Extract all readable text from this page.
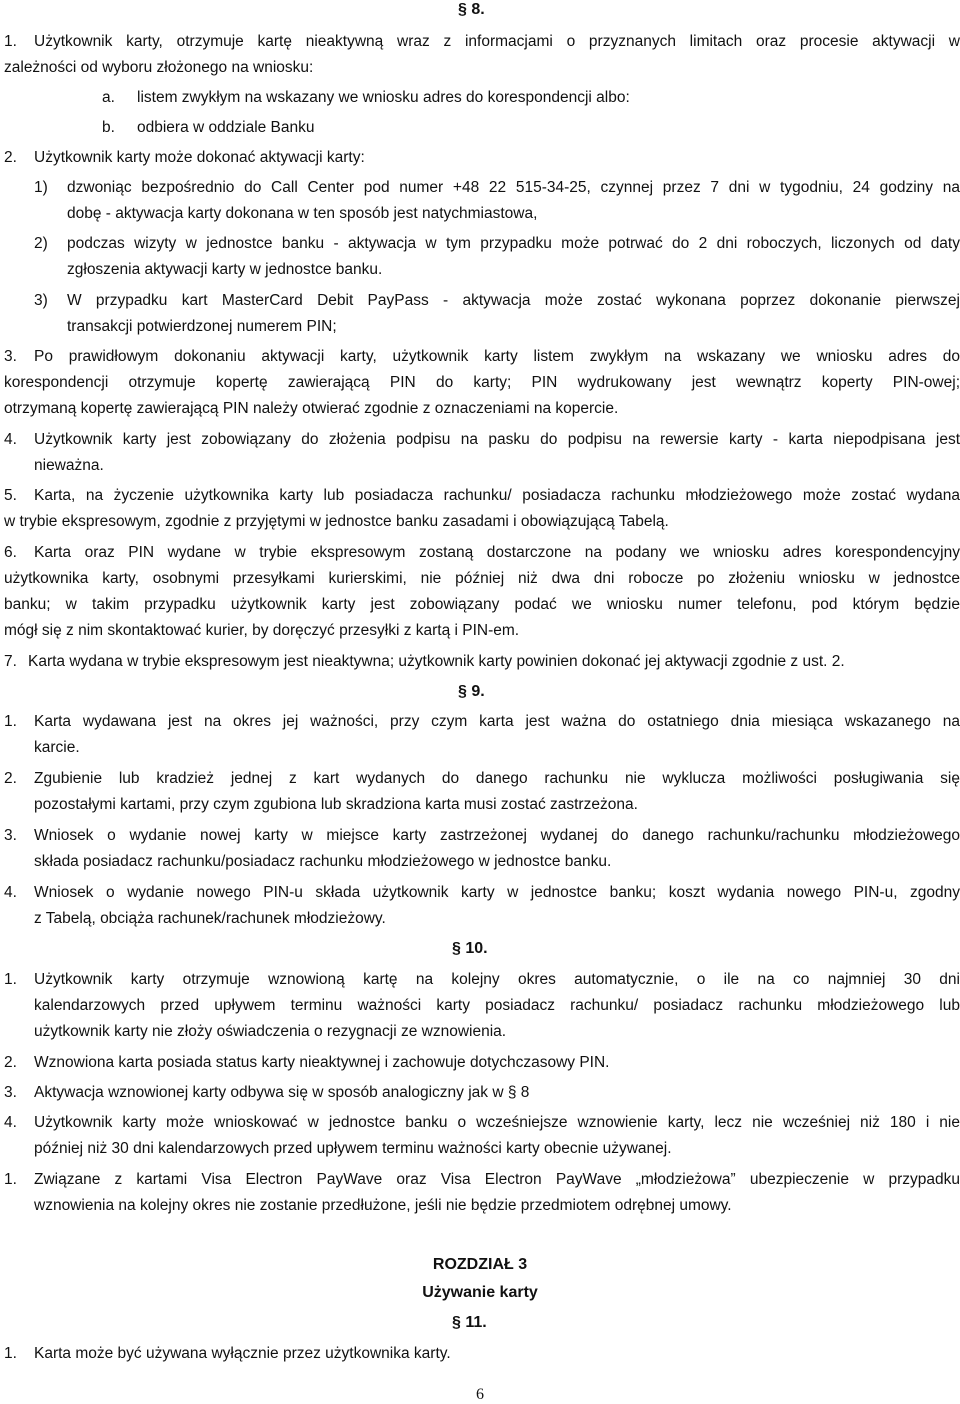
§ 8.
1. Użytkownik karty, otrzymuje kartę nieaktywną wraz z informacjami o przyznanych limitach oraz procesie aktywacji w
zależności od wyboru złożonego na wniosku:
a. listem zwykłym na wskazany we wniosku adres do korespondencji albo:
b. odbiera w oddziale Banku
2. Użytkownik karty może dokonać aktywacji karty:
1) dzwoniąc bezpośrednio do Call Center pod numer +48 22 515-34-25, czynnej przez 7 dni w tygodniu, 24 godziny na
dobę - aktywacja karty dokonana w ten sposób jest natychmiastowa,
2) podczas wizyty w jednostce banku - aktywacja w tym przypadku może potrwać do 2 dni roboczych, liczonych od daty
zgłoszenia aktywacji karty w jednostce banku.
3) W przypadku kart MasterCard Debit PayPass - aktywacja może zostać wykonana poprzez dokonanie pierwszej
transakcji potwierdzonej numerem PIN;
3. Po prawidłowym dokonaniu aktywacji karty, użytkownik karty listem zwykłym na wskazany we wniosku adres do
korespondencji otrzymuje kopertę zawierającą PIN do karty; PIN wydrukowany jest wewnątrz koperty PIN-owej;
otrzymaną kopertę zawierającą PIN należy otwierać zgodnie z oznaczeniami na kopercie.
4. Użytkownik karty jest zobowiązany do złożenia podpisu na pasku do podpisu na rewersie karty - karta niepodpisana jest
nieważna.
5. Karta, na życzenie użytkownika karty lub posiadacza rachunku/ posiadacza rachunku młodzieżowego może zostać wydana
w trybie ekspresowym, zgodnie z przyjętymi w jednostce banku zasadami i obowiązującą Tabelą.
6. Karta oraz PIN wydane w trybie ekspresowym zostaną dostarczone na podany we wniosku adres korespondencyjny
użytkownika karty, osobnymi przesyłkami kurierskimi, nie później niż dwa dni robocze po złożeniu wniosku w jednostce
banku; w takim przypadku użytkownik karty jest zobowiązany podać we wniosku numer telefonu, pod którym będzie
mógł się z nim skontaktować kurier, by doręczyć przesyłki z kartą i PIN-em.
7. Karta wydana w trybie ekspresowym jest nieaktywna; użytkownik karty powinien dokonać jej aktywacji zgodnie z ust. 2.
§ 9.
1. Karta wydawana jest na okres jej ważności, przy czym karta jest ważna do ostatniego dnia miesiąca wskazanego na
karcie.
2. Zgubienie lub kradzież jednej z kart wydanych do danego rachunku nie wyklucza możliwości posługiwania się
pozostałymi kartami, przy czym zgubiona lub skradziona karta musi zostać zastrzeżona.
3. Wniosek o wydanie nowej karty w miejsce karty zastrzeżonej wydanej do danego rachunku/rachunku młodzieżowego
składa posiadacz rachunku/posiadacz rachunku młodzieżowego w jednostce banku.
4. Wniosek o wydanie nowego PIN-u składa użytkownik karty w jednostce banku; koszt wydania nowego PIN-u, zgodny
z Tabelą, obciąża rachunek/rachunek młodzieżowy.
§ 10.
1. Użytkownik karty otrzymuje wznowioną kartę na kolejny okres automatycznie, o ile na co najmniej 30 dni
kalendarzowych przed upływem terminu ważności karty posiadacz rachunku/ posiadacz rachunku młodzieżowego lub
użytkownik karty nie złoży oświadczenia o rezygnacji ze wznowienia.
2. Wznowiona karta posiada status karty nieaktywnej i zachowuje dotychczasowy PIN.
3. Aktywacja wznowionej karty odbywa się w sposób analogiczny jak w § 8
4. Użytkownik karty może wnioskować w jednostce banku o wcześniejsze wznowienie karty, lecz nie wcześniej niż 180 i nie
później niż 30 dni kalendarzowych przed upływem terminu ważności karty obecnie używanej.
1. Związane z kartami Visa Electron PayWave oraz Visa Electron PayWave „młodzieżowa” ubezpieczenie w przypadku
wznowienia na kolejny okres nie zostanie przedłużone, jeśli nie będzie przedmiotem odrębnej umowy.
ROZDZIAŁ 3
Używanie karty
§ 11.
1. Karta może być używana wyłącznie przez użytkownika karty.
6
